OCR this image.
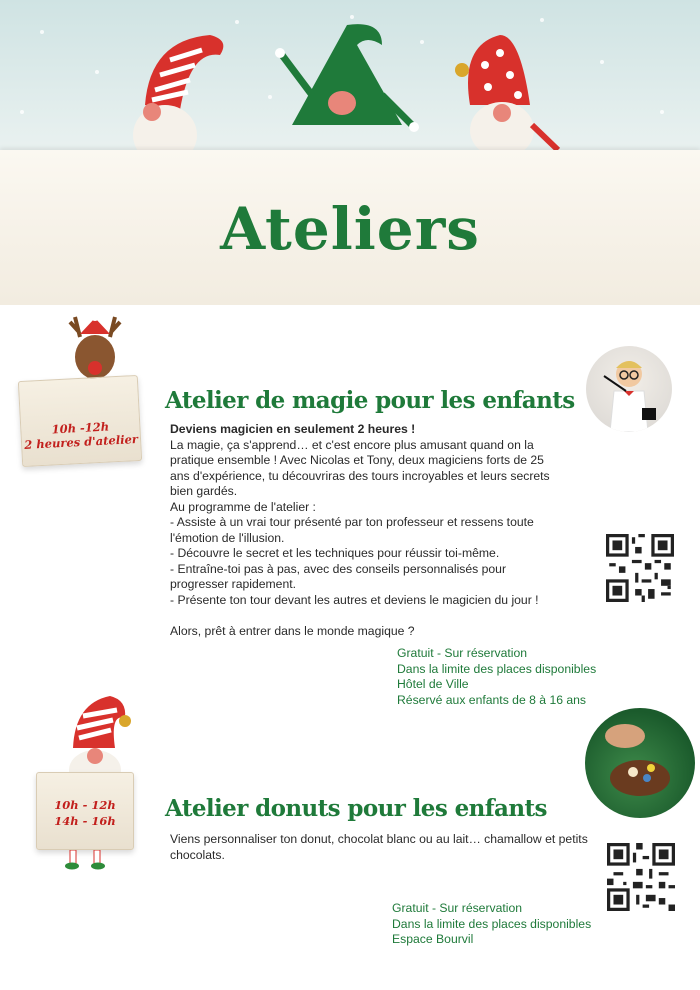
Ateliers
10h -12h
2 heures d'atelier
Atelier de magie pour les enfants
Deviens magicien en seulement 2 heures !
La magie, ça s'apprend… et c'est encore plus amusant quand on la pratique ensemble ! Avec Nicolas et Tony, deux magiciens forts de 25 ans d'expérience, tu découvriras des tours incroyables et leurs secrets bien gardés.
Au programme de l'atelier :
- Assiste à un vrai tour présenté par ton professeur et ressens toute l'émotion de l'illusion.
- Découvre le secret et les techniques pour réussir toi-même.
- Entraîne-toi pas à pas, avec des conseils personnalisés pour progresser rapidement.
- Présente ton tour devant les autres et deviens le magicien du jour !
Alors, prêt à entrer dans le monde magique ?
Gratuit - Sur réservation
Dans la limite des places disponibles
Hôtel de Ville
Réservé aux enfants de 8 à 16 ans
10h - 12h
14h - 16h	Atelier donuts pour les enfants
Viens personnaliser ton donut, chocolat blanc ou au lait… chamallow et petits chocolats.
Gratuit - Sur réservation
Dans la limite des places disponibles
Espace Bourvil
